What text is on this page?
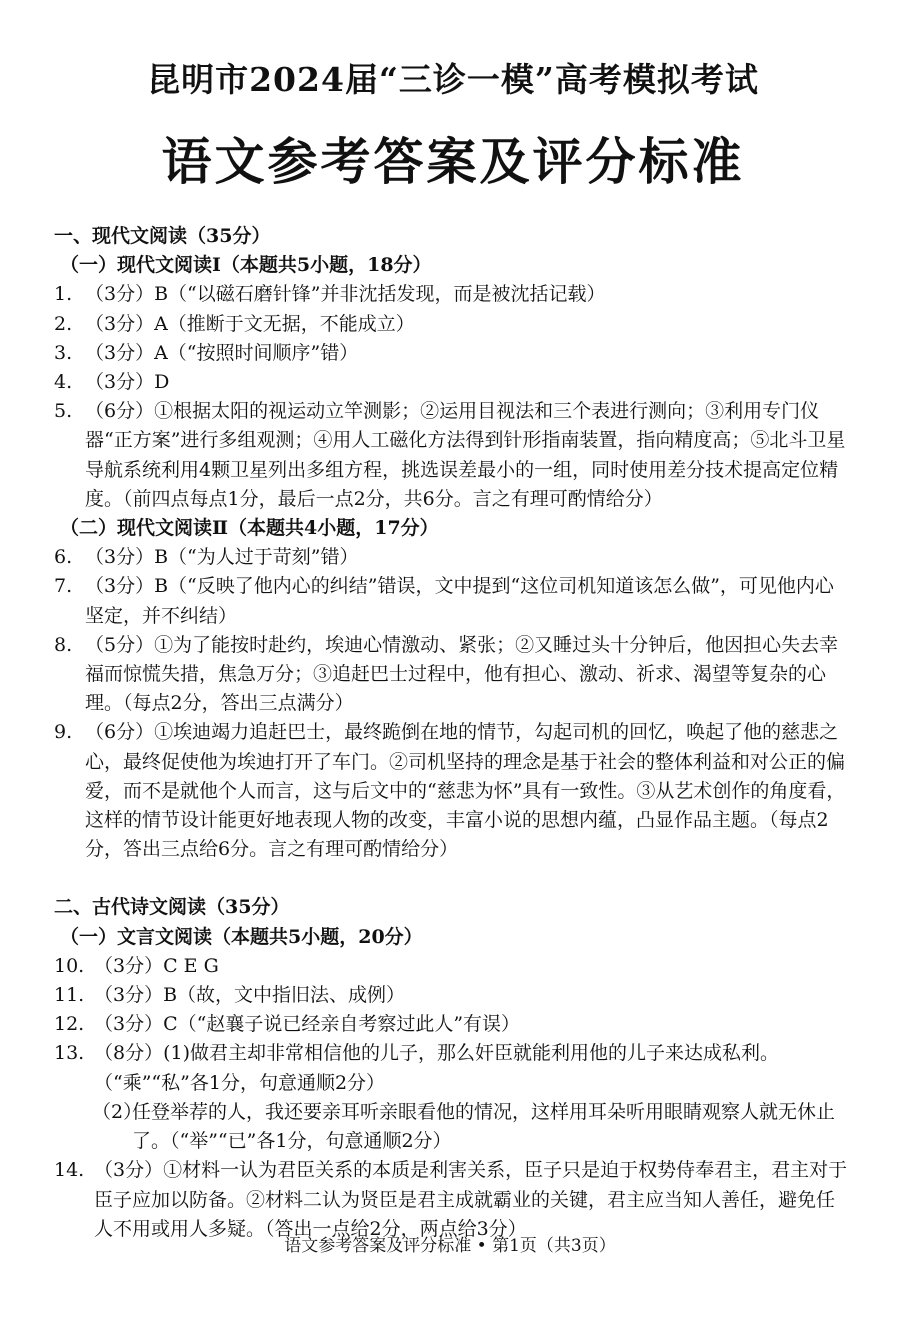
昆明市2024届“三诊一模”高考模拟考试
语文参考答案及评分标准
一、现代文阅读（35分）
（一）现代文阅读Ⅰ（本题共5小题，18分）
1. （3分）B（“以磁石磨针锋”并非沈括发现，而是被沈括记载）
2. （3分）A（推断于文无据，不能成立）
3. （3分）A（“按照时间顺序”错）
4. （3分）D
5. （6分）①根据太阳的视运动立竿测影；②运用目视法和三个表进行测向；③利用专门仪器“正方案”进行多组观测；④用人工磁化方法得到针形指南装置，指向精度高；⑤北斗卫星导航系统利用4颗卫星列出多组方程，挑选误差最小的一组，同时使用差分技术提高定位精度。（前四点每点1分，最后一点2分，共6分。言之有理可酌情给分）
（二）现代文阅读Ⅱ（本题共4小题，17分）
6. （3分）B（“为人过于苛刻”错）
7. （3分）B（“反映了他内心的纠结”错误，文中提到“这位司机知道该怎么做”，可见他内心坚定，并不纠结）
8. （5分）①为了能按时赴约，埃迪心情激动、紧张；②又睡过头十分钟后，他因担心失去幸福而惊慌失措，焦急万分；③追赶巴士过程中，他有担心、激动、祈求、渴望等复杂的心理。（每点2分，答出三点满分）
9. （6分）①埃迪竭力追赶巴士，最终跪倒在地的情节，勾起司机的回忆，唤起了他的慈悲之心，最终促使他为埃迪打开了车门。②司机坚持的理念是基于社会的整体利益和对公正的偏爱，而不是就他个人而言，这与后文中的“慈悲为怀”具有一致性。③从艺术创作的角度看，这样的情节设计能更好地表现人物的改变，丰富小说的思想内蕴，凸显作品主题。（每点2分，答出三点给6分。言之有理可酌情给分）
二、古代诗文阅读（35分）
（一）文言文阅读（本题共5小题，20分）
10. （3分）C E G
11. （3分）B（故，文中指旧法、成例）
12. （3分）C（“赵襄子说已经亲自考察过此人”有误）
13. （8分）(1)做君主却非常相信他的儿子，那么奸臣就能利用他的儿子来达成私利。（“乘”“私”各1分，句意通顺2分）
（2）
任登举荐的人，我还要亲耳听亲眼看他的情况，这样用耳朵听用眼睛观察人就无休止了。（“举”“已”各1分，句意通顺2分）
14. （3分）①材料一认为君臣关系的本质是利害关系，臣子只是迫于权势侍奉君主，君主对于臣子应加以防备。②材料二认为贤臣是君主成就霸业的关键，君主应当知人善任，避免任人不用或用人多疑。（答出一点给2分，两点给3分）
语文参考答案及评分标准 • 第1页（共3页）
